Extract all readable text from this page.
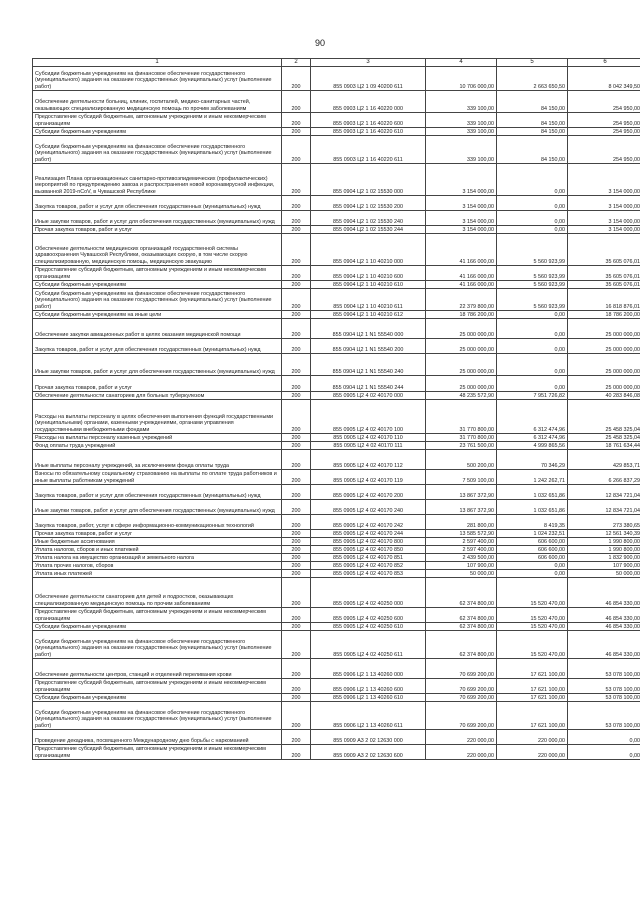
90
1	2	3	4	5	6
Субсидии бюджетным учреждениям на финансовое обеспечение государственного (муниципального) задания на оказание государственных (муниципальных) услуг (выполнение работ)	200	855 0903 Ц2 1 09 40200 611	10 706 000,00	2 663 650,50	8 042 349,50
Обеспечение деятельности больниц, клиник, госпиталей, медико-санитарных частей, оказывающих специализированную медицинскую помощь по прочим заболеваниям	200	855 0903 Ц2 1 16 40220 000	339 100,00	84 150,00	254 950,00
Предоставление субсидий бюджетным, автономным учреждениям и иным некоммерческим организациям	200	855 0903 Ц2 1 16 40220 600	339 100,00	84 150,00	254 950,00
Субсидии бюджетным учреждениям	200	855 0903 Ц2 1 16 40220 610	339 100,00	84 150,00	254 950,00
Субсидии бюджетным учреждениям на финансовое обеспечение государственного (муниципального) задания на оказание государственных (муниципальных) услуг (выполнение работ)	200	855 0903 Ц2 1 16 40220 611	339 100,00	84 150,00	254 950,00
Реализация Плана организационных санитарно-противоэпидемических (профилактических) мероприятий по предупреждению завоза и распространения новой коронавирусной инфекции, вызванной 2019-nCoV, в Чувашской Республике	200	855 0904 Ц2 1 02 15530 000	3 154 000,00	0,00	3 154 000,00
Закупка товаров, работ и услуг для обеспечения государственных (муниципальных) нужд	200	855 0904 Ц2 1 02 15530 200	3 154 000,00	0,00	3 154 000,00
Иные закупки товаров, работ и услуг для обеспечения государственных (муниципальных) нужд	200	855 0904 Ц2 1 02 15530 240	3 154 000,00	0,00	3 154 000,00
Прочая закупка товаров, работ и услуг	200	855 0904 Ц2 1 02 15530 244	3 154 000,00	0,00	3 154 000,00
Обеспечение деятельности медицинских организаций государственной системы здравоохранения Чувашской Республики, оказывающих скорую, в том числе скорую специализированную, медицинскую помощь, медицинскую эвакуацию	200	855 0904 Ц2 1 10 40210 000	41 166 000,00	5 560 923,99	35 605 076,01
Предоставление субсидий бюджетным, автономным учреждениям и иным некоммерческим организациям	200	855 0904 Ц2 1 10 40210 600	41 166 000,00	5 560 923,99	35 605 076,01
Субсидии бюджетным учреждениям	200	855 0904 Ц2 1 10 40210 610	41 166 000,00	5 560 923,99	35 605 076,01
Субсидии бюджетным учреждениям на финансовое обеспечение государственного (муниципального) задания на оказание государственных (муниципальных) услуг (выполнение работ)	200	855 0904 Ц2 1 10 40210 611	22 379 800,00	5 560 923,99	16 818 876,01
Субсидии бюджетным учреждениям на иные цели	200	855 0904 Ц2 1 10 40210 612	18 786 200,00	0,00	18 786 200,00
Обеспечение закупки авиационных работ в целях оказания медицинской помощи	200	855 0904 Ц2 1 N1 55540 000	25 000 000,00	0,00	25 000 000,00
Закупка товаров, работ и услуг для обеспечения государственных (муниципальных) нужд	200	855 0904 Ц2 1 N1 55540 200	25 000 000,00	0,00	25 000 000,00
Иные закупки товаров, работ и услуг для обеспечения государственных (муниципальных) нужд	200	855 0904 Ц2 1 N1 55540 240	25 000 000,00	0,00	25 000 000,00
Прочая закупка товаров, работ и услуг	200	855 0904 Ц2 1 N1 55540 244	25 000 000,00	0,00	25 000 000,00
Обеспечение деятельности санаториев для больных туберкулезом	200	855 0905 Ц2 4 02 40170 000	48 235 572,90	7 951 726,82	40 283 846,08
Расходы на выплаты персоналу в целях обеспечения выполнения функций государственными (муниципальными) органами, казенными учреждениями, органами управления государственными внебюджетными фондами	200	855 0905 Ц2 4 02 40170 100	31 770 800,00	6 312 474,96	25 458 325,04
Расходы на выплаты персоналу казенных учреждений	200	855 0905 Ц2 4 02 40170 110	31 770 800,00	6 312 474,96	25 458 325,04
Фонд оплаты труда учреждений	200	855 0905 Ц2 4 02 40170 111	23 761 500,00	4 999 865,56	18 761 634,44
Иные выплаты персоналу учреждений, за исключением фонда оплаты труда	200	855 0905 Ц2 4 02 40170 112	500 200,00	70 346,29	429 853,71
Взносы по обязательному социальному страхованию на выплаты по оплате труда работников и иные выплаты работникам учреждений	200	855 0905 Ц2 4 02 40170 119	7 509 100,00	1 242 262,71	6 266 837,29
Закупка товаров, работ и услуг для обеспечения государственных (муниципальных) нужд	200	855 0905 Ц2 4 02 40170 200	13 867 372,90	1 032 651,86	12 834 721,04
Иные закупки товаров, работ и услуг для обеспечения государственных (муниципальных) нужд	200	855 0905 Ц2 4 02 40170 240	13 867 372,90	1 032 651,86	12 834 721,04
Закупка товаров, работ, услуг в сфере информационно-коммуникационных технологий	200	855 0905 Ц2 4 02 40170 242	281 800,00	8 419,35	273 380,65
Прочая закупка товаров, работ и услуг	200	855 0905 Ц2 4 02 40170 244	13 585 572,90	1 024 232,51	12 561 340,39
Иные бюджетные ассигнования	200	855 0905 Ц2 4 02 40170 800	2 597 400,00	606 600,00	1 990 800,00
Уплата налогов, сборов и иных платежей	200	855 0905 Ц2 4 02 40170 850	2 597 400,00	606 600,00	1 990 800,00
Уплата налога на имущество организаций и земельного налога	200	855 0905 Ц2 4 02 40170 851	2 439 500,00	606 600,00	1 832 900,00
Уплата прочих налогов, сборов	200	855 0905 Ц2 4 02 40170 852	107 900,00	0,00	107 900,00
Уплата иных платежей	200	855 0905 Ц2 4 02 40170 853	50 000,00	0,00	50 000,00
Обеспечение деятельности санаториев для детей и подростков, оказывающих специализированную медицинскую помощь по прочим заболеваниям	200	855 0905 Ц2 4 02 40250 000	62 374 800,00	15 520 470,00	46 854 330,00
Предоставление субсидий бюджетным, автономным учреждениям и иным некоммерческим организациям	200	855 0905 Ц2 4 02 40250 600	62 374 800,00	15 520 470,00	46 854 330,00
Субсидии бюджетным учреждениям	200	855 0905 Ц2 4 02 40250 610	62 374 800,00	15 520 470,00	46 854 330,00
Субсидии бюджетным учреждениям на финансовое обеспечение государственного (муниципального) задания на оказание государственных (муниципальных) услуг (выполнение работ)	200	855 0905 Ц2 4 02 40250 611	62 374 800,00	15 520 470,00	46 854 330,00
Обеспечение деятельности центров, станций и отделений переливания крови	200	855 0906 Ц2 1 13 40260 000	70 699 200,00	17 621 100,00	53 078 100,00
Предоставление субсидий бюджетным, автономным учреждениям и иным некоммерческим организациям	200	855 0906 Ц2 1 13 40260 600	70 699 200,00	17 621 100,00	53 078 100,00
Субсидии бюджетным учреждениям	200	855 0906 Ц2 1 13 40260 610	70 699 200,00	17 621 100,00	53 078 100,00
Субсидии бюджетным учреждениям на финансовое обеспечение государственного (муниципального) задания на оказание государственных (муниципальных) услуг (выполнение работ)	200	855 0906 Ц2 1 13 40260 611	70 699 200,00	17 621 100,00	53 078 100,00
Проведение декадника, посвященного Международному дню борьбы с наркоманией	200	855 0909 А3 2 02 12630 000	220 000,00	220 000,00	0,00
Предоставление субсидий бюджетным, автономным учреждениям и иным некоммерческим организациям	200	855 0909 А3 2 02 12630 600	220 000,00	220 000,00	0,00
